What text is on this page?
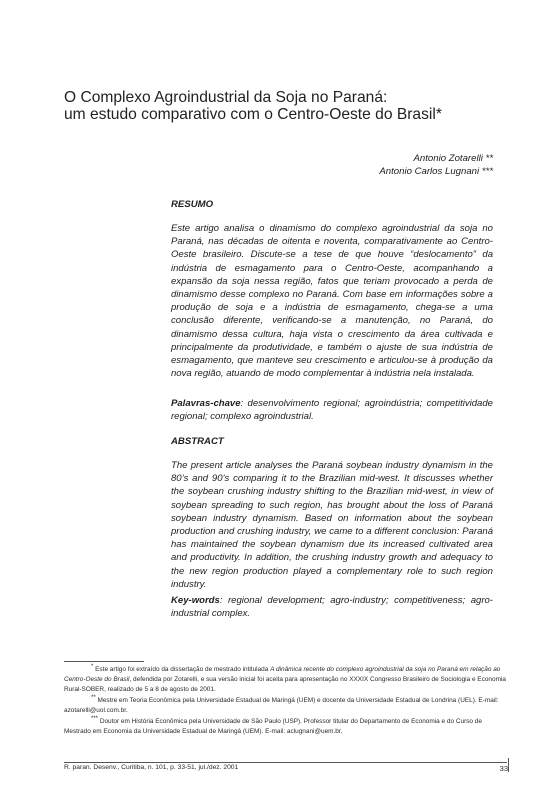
O Complexo Agroindustrial da Soja no Paraná:
um estudo comparativo com o Centro-Oeste do Brasil*
Antonio Zotarelli **
Antonio Carlos Lugnani ***
RESUMO
Este artigo analisa o dinamismo do complexo agroindustrial da soja no Paraná, nas décadas de oitenta e noventa, comparativamente ao Centro-Oeste brasileiro. Discute-se a tese de que houve “deslocamento” da indústria de esmagamento para o Centro-Oeste, acompanhando a expansão da soja nessa região, fatos que teriam provocado a perda de dinamismo desse complexo no Paraná. Com base em informações sobre a produção de soja e a indústria de esmagamento, chega-se a uma conclusão diferente, verificando-se a manutenção, no Paraná, do dinamismo dessa cultura, haja vista o crescimento da área cultivada e principalmente da produtividade, e também o ajuste de sua indústria de esmagamento, que manteve seu crescimento e articulou-se à produção da nova região, atuando de modo complementar à indústria nela instalada.
Palavras-chave: desenvolvimento regional; agroindústria; competitividade regional; complexo agroindustrial.
ABSTRACT
The present article analyses the Paraná soybean industry dynamism in the 80’s and 90’s comparing it to the Brazilian mid-west. It discusses whether the soybean crushing industry shifting to the Brazilian mid-west, in view of soybean spreading to such region, has brought about the loss of Paraná soybean industry dynamism. Based on information about the soybean production and crushing industry, we came to a different conclusion: Paraná has maintained the soybean dynamism due its increased cultivated area and productivity. In addition, the crushing industry growth and adequacy to the new region production played a complementary role to such region industry.
Key-words: regional development; agro-industry; competitiveness; agro-industrial complex.
* Este artigo foi extraído da dissertação de mestrado intitulada A dinâmica recente do complexo agroindustrial da soja no Paraná em relação ao Centro-Oeste do Brasil, defendida por Zotarelli, e sua versão inicial foi aceita para apresentação no XXXIX Congresso Brasileiro de Sociologia e Economia Rural-SOBER, realizado de 5 a 8 de agosto de 2001.
** Mestre em Teoria Econômica pela Universidade Estadual de Maringá (UEM) e docente da Universidade Estadual de Londrina (UEL). E-mail: azotarelli@uol.com.br.
*** Doutor em História Econômica pela Universidade de São Paulo (USP). Professor titular do Departamento de Economia e do Curso de Mestrado em Economia da Universidade Estadual de Maringá (UEM). E-mail: aclugnani@uem.br.
R. paran. Desenv., Curitiba, n. 101, p. 33-51, jul./dez. 2001	33
